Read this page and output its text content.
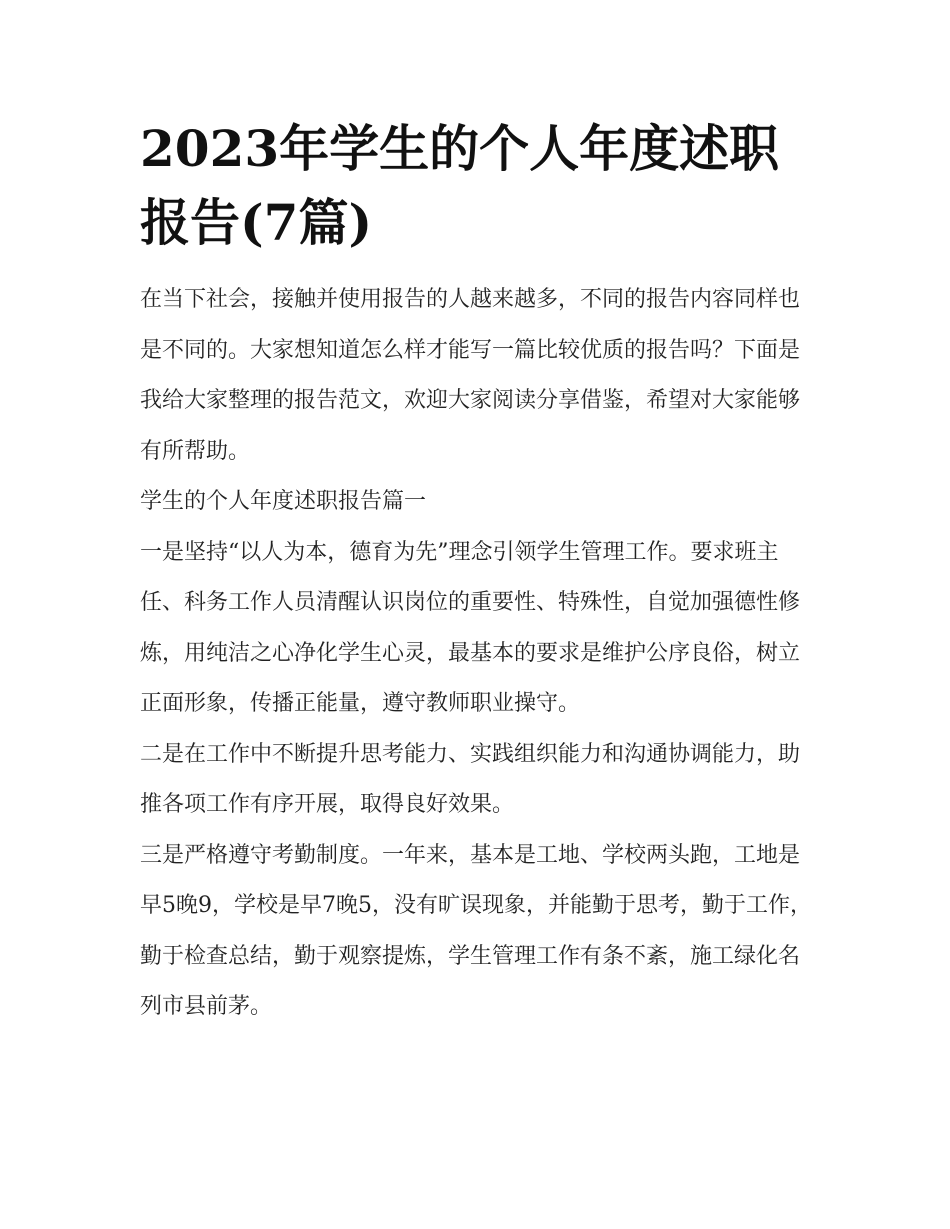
2023年学生的个人年度述职报告(7篇)

在当下社会，接触并使用报告的人越来越多，不同的报告内容同样也是不同的。大家想知道怎么样才能写一篇比较优质的报告吗？下面是我给大家整理的报告范文，欢迎大家阅读分享借鉴，希望对大家能够有所帮助。

学生的个人年度述职报告篇一

一是坚持“以人为本，德育为先”理念引领学生管理工作。要求班主任、科务工作人员清醒认识岗位的重要性、特殊性，自觉加强德性修炼，用纯洁之心净化学生心灵，最基本的要求是维护公序良俗，树立正面形象，传播正能量，遵守教师职业操守。

二是在工作中不断提升思考能力、实践组织能力和沟通协调能力，助推各项工作有序开展，取得良好效果。

三是严格遵守考勤制度。一年来，基本是工地、学校两头跑，工地是早5晚9，学校是早7晚5，没有旷误现象，并能勤于思考，勤于工作，勤于检查总结，勤于观察提炼，学生管理工作有条不紊，施工绿化名列市县前茅。
